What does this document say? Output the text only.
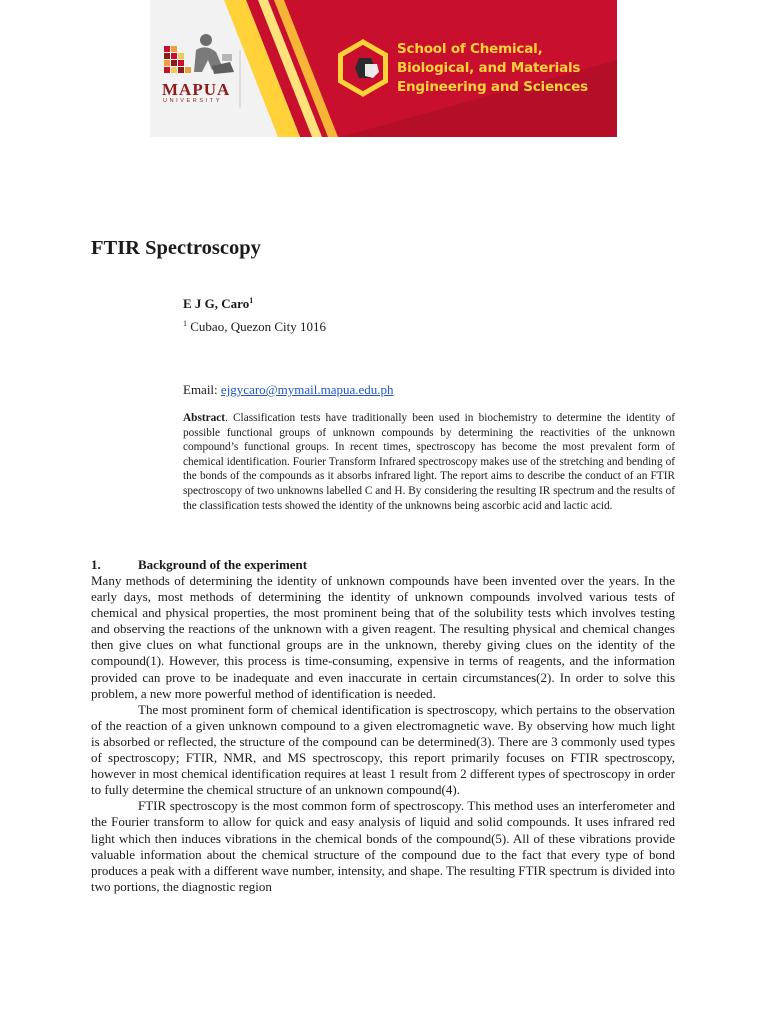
MAPUA
UNIVERSITY
School of Chemical,
Biological, and Materials
Engineering and Sciences
FTIR Spectroscopy
E J G, Caro$^1$
$^1$ Cubao, Quezon City 1016
Email: ejgycaro@mymail.mapua.edu.ph
Abstract. Classification tests have traditionally been used in biochemistry to determine the identity of possible functional groups of unknown compounds by determining the reactivities of the unknown compound’s functional groups. In recent times, spectroscopy has become the most prevalent form of chemical identification. Fourier Transform Infrared spectroscopy makes use of the stretching and bending of the bonds of the compounds as it absorbs infrared light. The report aims to describe the conduct of an FTIR spectroscopy of two unknowns labelled C and H. By considering the resulting IR spectrum and the results of the classification tests showed the identity of the unknowns being ascorbic acid and lactic acid.
1.	Background of the experiment

Many methods of determining the identity of unknown compounds have been invented over the years. In the early days, most methods of determining the identity of unknown compounds involved various tests of chemical and physical properties, the most prominent being that of the solubility tests which involves testing and observing the reactions of the unknown with a given reagent. The resulting physical and chemical changes then give clues on what functional groups are in the unknown, thereby giving clues on the identity of the compound(1). However, this process is time-consuming, expensive in terms of reagents, and the information provided can prove to be inadequate and even inaccurate in certain circumstances(2). In order to solve this problem, a new more powerful method of identification is needed.

The most prominent form of chemical identification is spectroscopy, which pertains to the observation of the reaction of a given unknown compound to a given electromagnetic wave. By observing how much light is absorbed or reflected, the structure of the compound can be determined(3). There are 3 commonly used types of spectroscopy; FTIR, NMR, and MS spectroscopy, this report primarily focuses on FTIR spectroscopy, however in most chemical identification requires at least 1 result from 2 different types of spectroscopy in order to fully determine the chemical structure of an unknown compound(4).

FTIR spectroscopy is the most common form of spectroscopy. This method uses an interferometer and the Fourier transform to allow for quick and easy analysis of liquid and solid compounds. It uses infrared red light which then induces vibrations in the chemical bonds of the compound(5). All of these vibrations provide valuable information about the chemical structure of the compound due to the fact that every type of bond produces a peak with a different wave number, intensity, and shape. The resulting FTIR spectrum is divided into two portions, the diagnostic region
